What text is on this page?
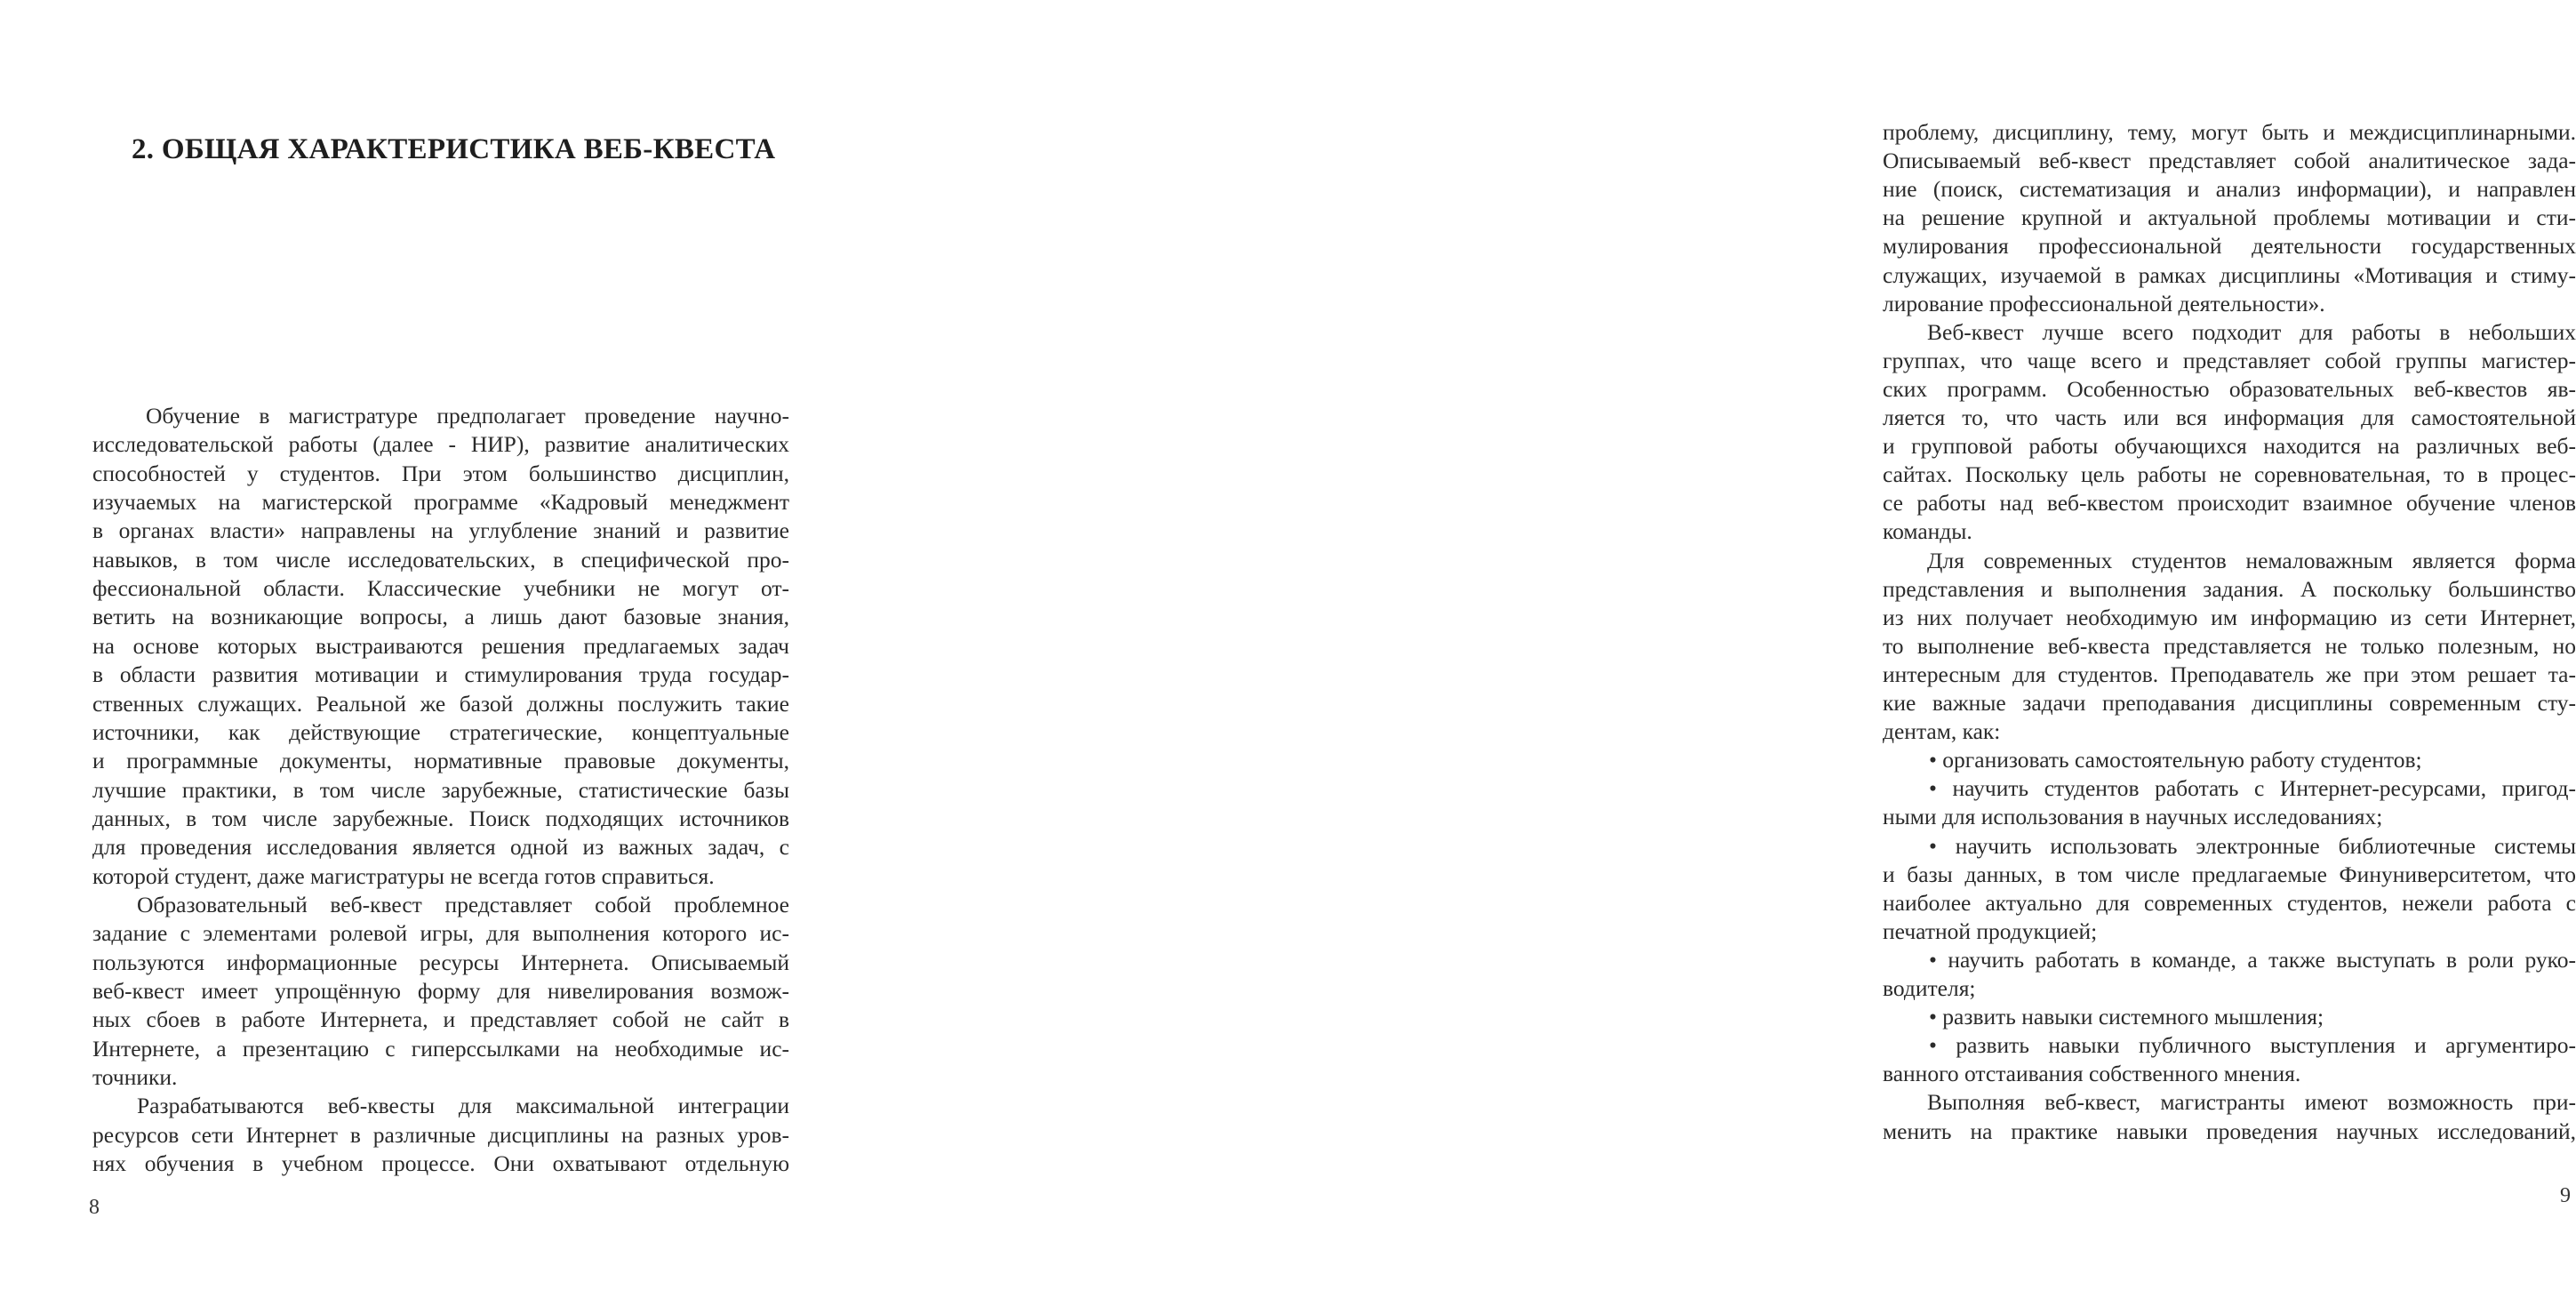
2. ОБЩАЯ ХАРАКТЕРИСТИКА ВЕБ-КВЕСТА
Обучение в магистратуре предполагает проведение научно-
исследовательской работы (далее - НИР), развитие аналитических
способностей у студентов. При этом большинство дисциплин,
изучаемых на магистерской программе «Кадровый менеджмент
в органах власти» направлены на углубление знаний и развитие
навыков, в том числе исследовательских, в специфической про-
фессиональной области. Классические учебники не могут от-
ветить на возникающие вопросы, а лишь дают базовые знания,
на основе которых выстраиваются решения предлагаемых задач
в области развития мотивации и стимулирования труда государ-
ственных служащих. Реальной же базой должны послужить такие
источники, как действующие стратегические, концептуальные
и программные документы, нормативные правовые документы,
лучшие практики, в том числе зарубежные, статистические базы
данных, в том числе зарубежные. Поиск подходящих источников
для проведения исследования является одной из важных задач, с
которой студент, даже магистратуры не всегда готов справиться.
Образовательный веб-квест представляет собой проблемное
задание с элементами ролевой игры, для выполнения которого ис-
пользуются информационные ресурсы Интернета. Описываемый
веб-квест имеет упрощённую форму для нивелирования возмож-
ных сбоев в работе Интернета, и представляет собой не сайт в
Интернете, а презентацию с гиперссылками на необходимые ис-
точники.
Разрабатываются веб-квесты для максимальной интеграции
ресурсов сети Интернет в различные дисциплины на разных уров-
нях обучения в учебном процессе. Они охватывают отдельную
8
проблему, дисциплину, тему, могут быть и междисциплинарными.
Описываемый веб-квест представляет собой аналитическое зада-
ние (поиск, систематизация и анализ информации), и направлен
на решение крупной и актуальной проблемы мотивации и сти-
мулирования профессиональной деятельности государственных
служащих, изучаемой в рамках дисциплины «Мотивация и стиму-
лирование профессиональной деятельности».
Веб-квест лучше всего подходит для работы в небольших
группах, что чаще всего и представляет собой группы магистер-
ских программ. Особенностью образовательных веб-квестов яв-
ляется то, что часть или вся информация для самостоятельной
и групповой работы обучающихся находится на различных веб-
сайтах. Поскольку цель работы не соревновательная, то в процес-
се работы над веб-квестом происходит взаимное обучение членов
команды.
Для современных студентов немаловажным является форма
представления и выполнения задания. А поскольку большинство
из них получает необходимую им информацию из сети Интернет,
то выполнение веб-квеста представляется не только полезным, но
интересным для студентов. Преподаватель же при этом решает та-
кие важные задачи преподавания дисциплины современным сту-
дентам, как:
• организовать самостоятельную работу студентов;
• научить студентов работать с Интернет-ресурсами, пригод-
ными для использования в научных исследованиях;
• научить использовать электронные библиотечные системы
и базы данных, в том числе предлагаемые Финуниверситетом, что
наиболее актуально для современных студентов, нежели работа с
печатной продукцией;
• научить работать в команде, а также выступать в роли руко-
водителя;
• развить навыки системного мышления;
• развить навыки публичного выступления и аргументиро-
ванного отстаивания собственного мнения.
Выполняя веб-квест, магистранты имеют возможность при-
менить на практике навыки проведения научных исследований,
9
